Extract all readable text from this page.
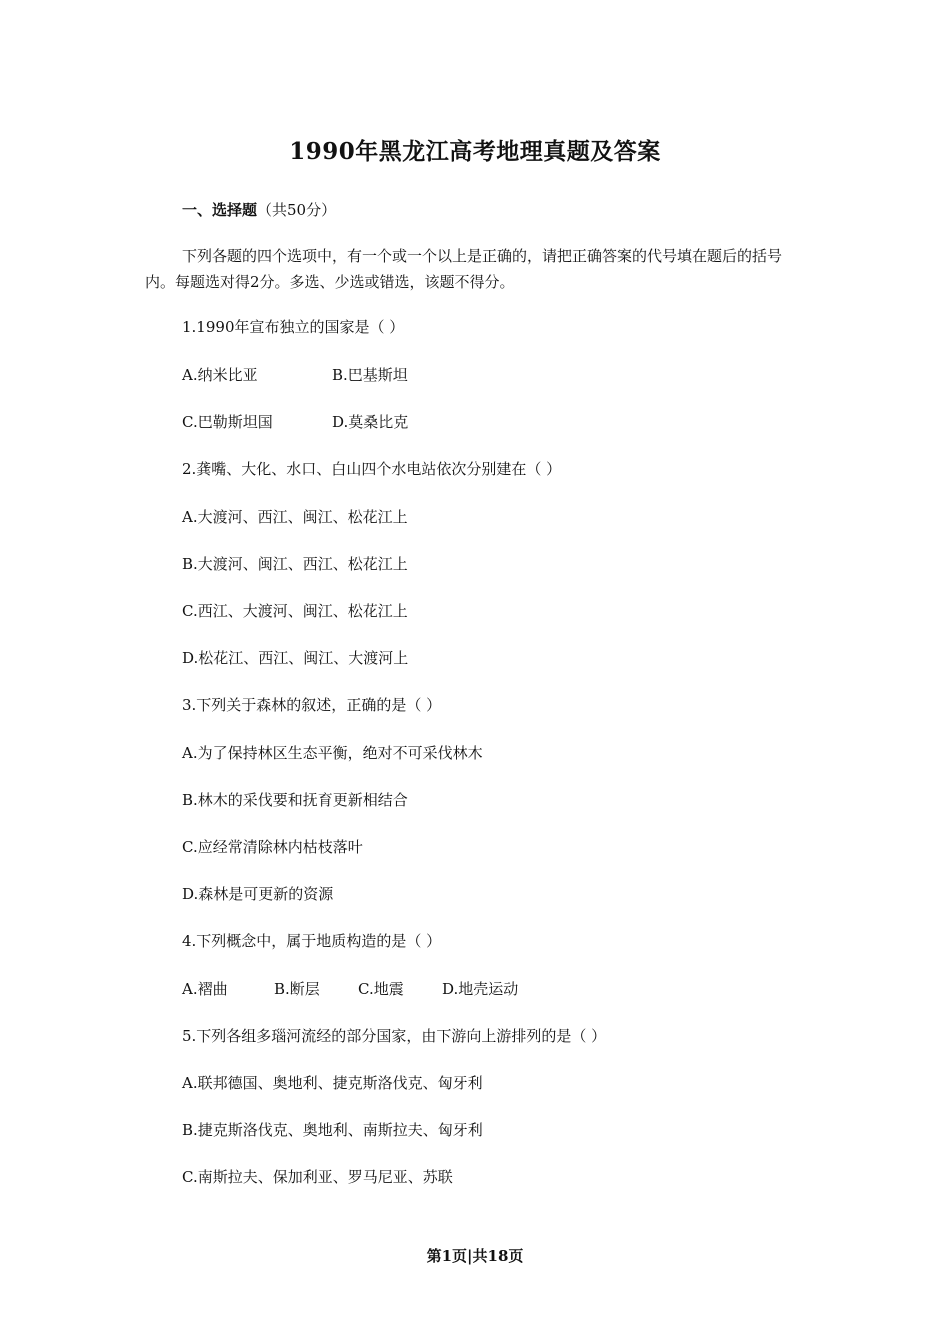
1990年黑龙江高考地理真题及答案
一、选择题（共50分）
下列各题的四个选项中，有一个或一个以上是正确的，请把正确答案的代号填在题后的括号内。每题选对得2分。多选、少选或错选，该题不得分。
1.1990年宣布独立的国家是（ ）
A.纳米比亚	B.巴基斯坦
C.巴勒斯坦国	D.莫桑比克
2.龚嘴、大化、水口、白山四个水电站依次分别建在（ ）
A.大渡河、西江、闽江、松花江上
B.大渡河、闽江、西江、松花江上
C.西江、大渡河、闽江、松花江上
D.松花江、西江、闽江、大渡河上
3.下列关于森林的叙述，正确的是（ ）
A.为了保持林区生态平衡，绝对不可采伐林木
B.林木的采伐要和抚育更新相结合
C.应经常清除林内枯枝落叶
D.森林是可更新的资源
4.下列概念中，属于地质构造的是（ ）
A.褶曲	B.断层	C.地震	D.地壳运动
5.下列各组多瑙河流经的部分国家，由下游向上游排列的是（ ）
A.联邦德国、奥地利、捷克斯洛伐克、匈牙利
B.捷克斯洛伐克、奥地利、南斯拉夫、匈牙利
C.南斯拉夫、保加利亚、罗马尼亚、苏联
第1页|共18页
